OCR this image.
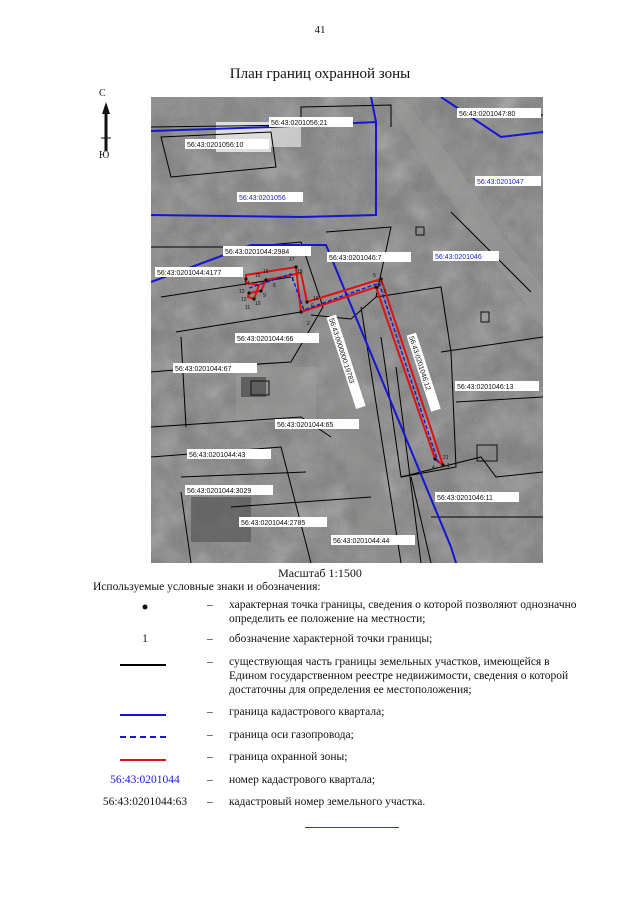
41
План границ охранной зоны
С
Ю
1
2
3
4
5
6
7
8
9
10
11
12
13
14
15
16
17
18
19
20
21
56:43:0201047
56:43:0201056
56:43:0201046
56:43:0201047:80
56:43:0201056:21
56:43:0201056:10
56:43:0201044:2984
56:43:0201044:4177
56:43:0201046:7
56:43:0201044:66
56:43:0201044:67	56:43:0000000:19783	56:43:0201046:12	56:43:0201046:13
56:43:0201044:65
56:43:0201044:43
56:43:0201044:3029
56:43:0201044:2785
56:43:0201046:11
56:43:0201044:44
Масштаб 1:1500
Используемые условные знаки и обозначения:
– характерная точка границы, сведения о которой позволяют однозначно определить ее положение на местности;
1	– обозначение характерной точки границы;
– существующая часть границы земельных участков, имеющейся в Едином государственном реестре недвижимости, сведения о которой достаточны для определения ее местоположения;
– граница кадастрового квартала;
– граница оси газопровода;
– граница охранной зоны;
56:43:0201044	– номер кадастрового квартала;
56:43:0201044:63	– кадастровый номер земельного участка.
